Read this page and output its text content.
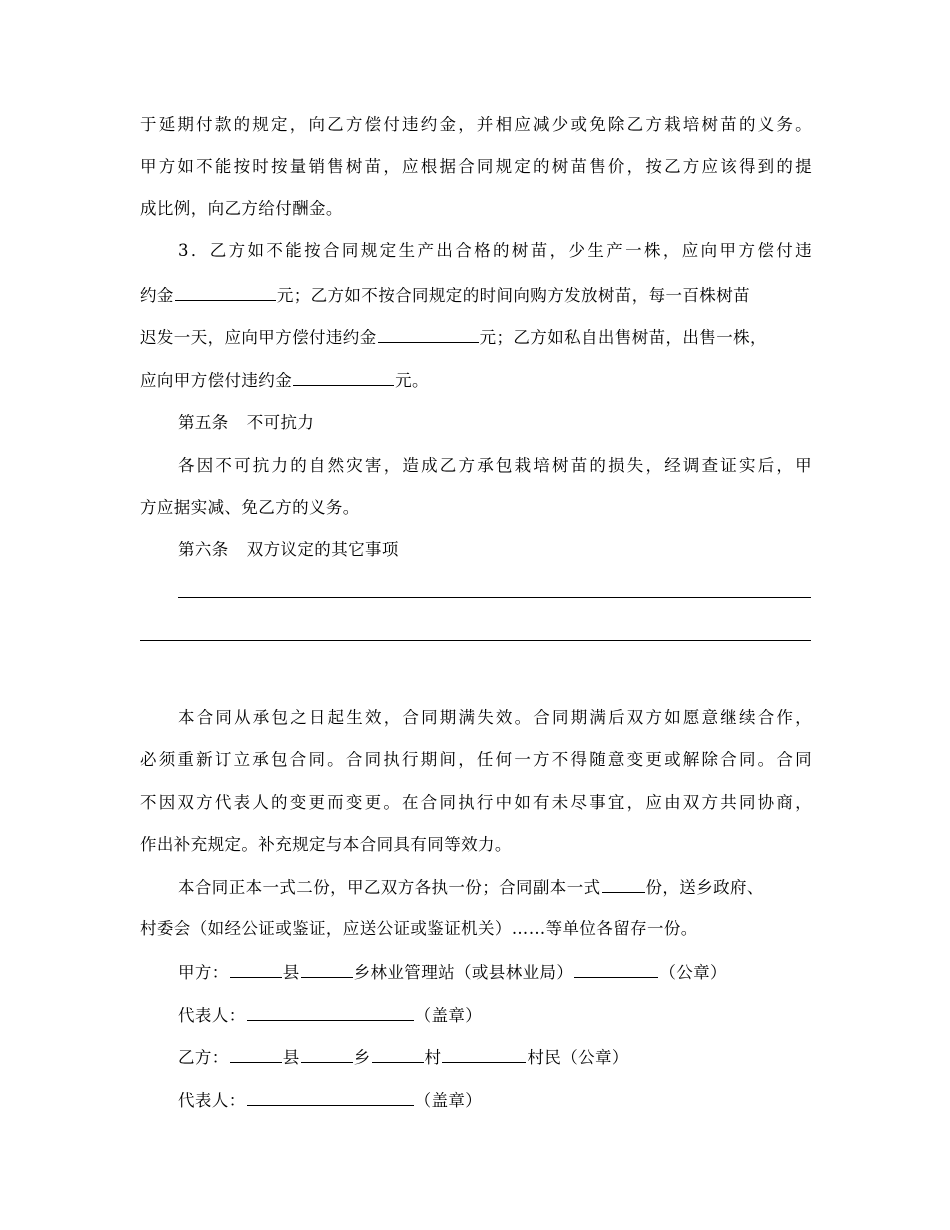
于延期付款的规定，向乙方偿付违约金，并相应减少或免除乙方栽培树苗的义务。
甲方如不能按时按量销售树苗，应根据合同规定的树苗售价，按乙方应该得到的提
成比例，向乙方给付酬金。
3．乙方如不能按合同规定生产出合格的树苗，少生产一株，应向甲方偿付违
约金	元；乙方如不按合同规定的时间向购方发放树苗，每一百株树苗
迟发一天，应向甲方偿付违约金	元；乙方如私自出售树苗，出售一株，
应向甲方偿付违约金	元。
第五条 不可抗力
各因不可抗力的自然灾害，造成乙方承包栽培树苗的损失，经调查证实后，甲
方应据实减、免乙方的义务。
第六条 双方议定的其它事项
本合同从承包之日起生效，合同期满失效。合同期满后双方如愿意继续合作，
必须重新订立承包合同。合同执行期间，任何一方不得随意变更或解除合同。合同
不因双方代表人的变更而变更。在合同执行中如有未尽事宜，应由双方共同协商，
作出补充规定。补充规定与本合同具有同等效力。
本合同正本一式二份，甲乙双方各执一份；合同副本一式	份，送乡政府、
村委会（如经公证或鉴证，应送公证或鉴证机关）……等单位各留存一份。
甲方：	县	乡林业管理站（或县林业局）	（公章）
代表人：	（盖章）
乙方：	县	乡	村	村民（公章）
代表人：	（盖章）
